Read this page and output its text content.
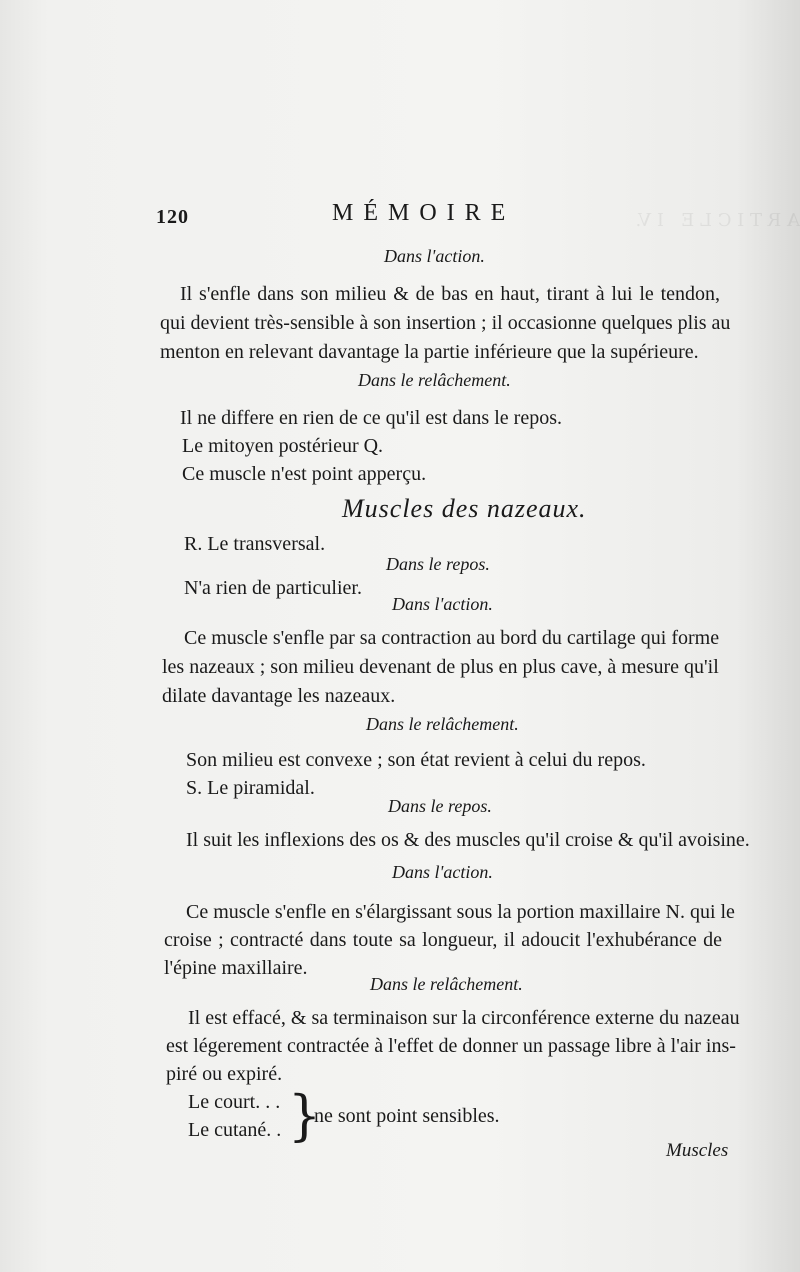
A R T I C L E   I V.
120	MÉMOIRE
Dans l'action.
Il s'enfle dans son milieu & de bas en haut, tirant à lui le tendon,
qui devient très-sensible à son insertion ; il occasionne quelques plis au
menton en relevant davantage la partie inférieure que la supérieure.
Dans le relâchement.
Il ne differe en rien de ce qu'il est dans le repos.
Le mitoyen postérieur Q.
Ce muscle n'est point apperçu.
Muscles des nazeaux.
R. Le transversal.
Dans le repos.
N'a rien de particulier.
Dans l'action.
Ce muscle s'enfle par sa contraction au bord du cartilage qui forme
les nazeaux ; son milieu devenant de plus en plus cave, à mesure qu'il
dilate davantage les nazeaux.
Dans le relâchement.
Son milieu est convexe ; son état revient à celui du repos.
S. Le piramidal.
Dans le repos.
Il suit les inflexions des os & des muscles qu'il croise & qu'il avoisine.
Dans l'action.
Ce muscle s'enfle en s'élargissant sous la portion maxillaire N. qui le
croise ; contracté dans toute sa longueur, il adoucit l'exhubérance de
l'épine maxillaire.
Dans le relâchement.
Il est effacé, & sa terminaison sur la circonférence externe du nazeau
est légerement contractée à l'effet de donner un passage libre à l'air ins-
piré ou expiré.
Le court. . .
Le cutané. . }
ne sont point sensibles.
Muscles
